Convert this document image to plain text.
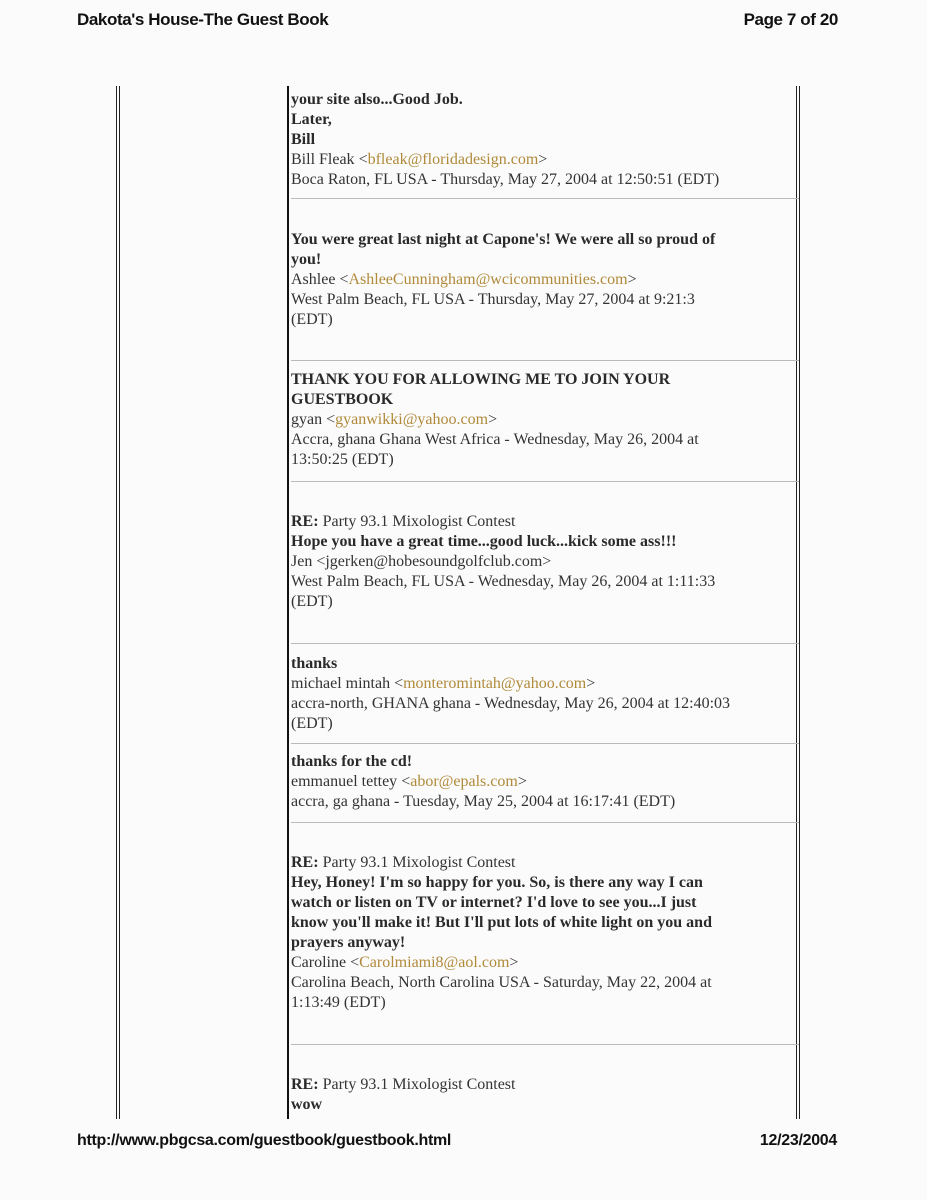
Dakota's House-The Guest Book	Page 7 of 20
your site also...Good Job.
Later,
Bill
Bill Fleak <bfleak@floridadesign.com>
Boca Raton, FL USA - Thursday, May 27, 2004 at 12:50:51 (EDT)
You were great last night at Capone's! We were all so proud of
you!
Ashlee <AshleeCunningham@wcicommunities.com>
West Palm Beach, FL USA - Thursday, May 27, 2004 at 9:21:3
(EDT)
THANK YOU FOR ALLOWING ME TO JOIN YOUR
GUESTBOOK
gyan <gyanwikki@yahoo.com>
Accra, ghana Ghana West Africa - Wednesday, May 26, 2004 at
13:50:25 (EDT)
RE: Party 93.1 Mixologist Contest
Hope you have a great time...good luck...kick some ass!!!
Jen <jgerken@hobesoundgolfclub.com>
West Palm Beach, FL USA - Wednesday, May 26, 2004 at 1:11:33
(EDT)
thanks
michael mintah <monteromintah@yahoo.com>
accra-north, GHANA ghana - Wednesday, May 26, 2004 at 12:40:03
(EDT)
thanks for the cd!
emmanuel tettey <abor@epals.com>
accra, ga ghana - Tuesday, May 25, 2004 at 16:17:41 (EDT)
RE: Party 93.1 Mixologist Contest
Hey, Honey! I'm so happy for you. So, is there any way I can
watch or listen on TV or internet? I'd love to see you...I just
know you'll make it! But I'll put lots of white light on you and
prayers anyway!
Caroline <Carolmiami8@aol.com>
Carolina Beach, North Carolina USA - Saturday, May 22, 2004 at
1:13:49 (EDT)
RE: Party 93.1 Mixologist Contest
wow
http://www.pbgcsa.com/guestbook/guestbook.html	12/23/2004
